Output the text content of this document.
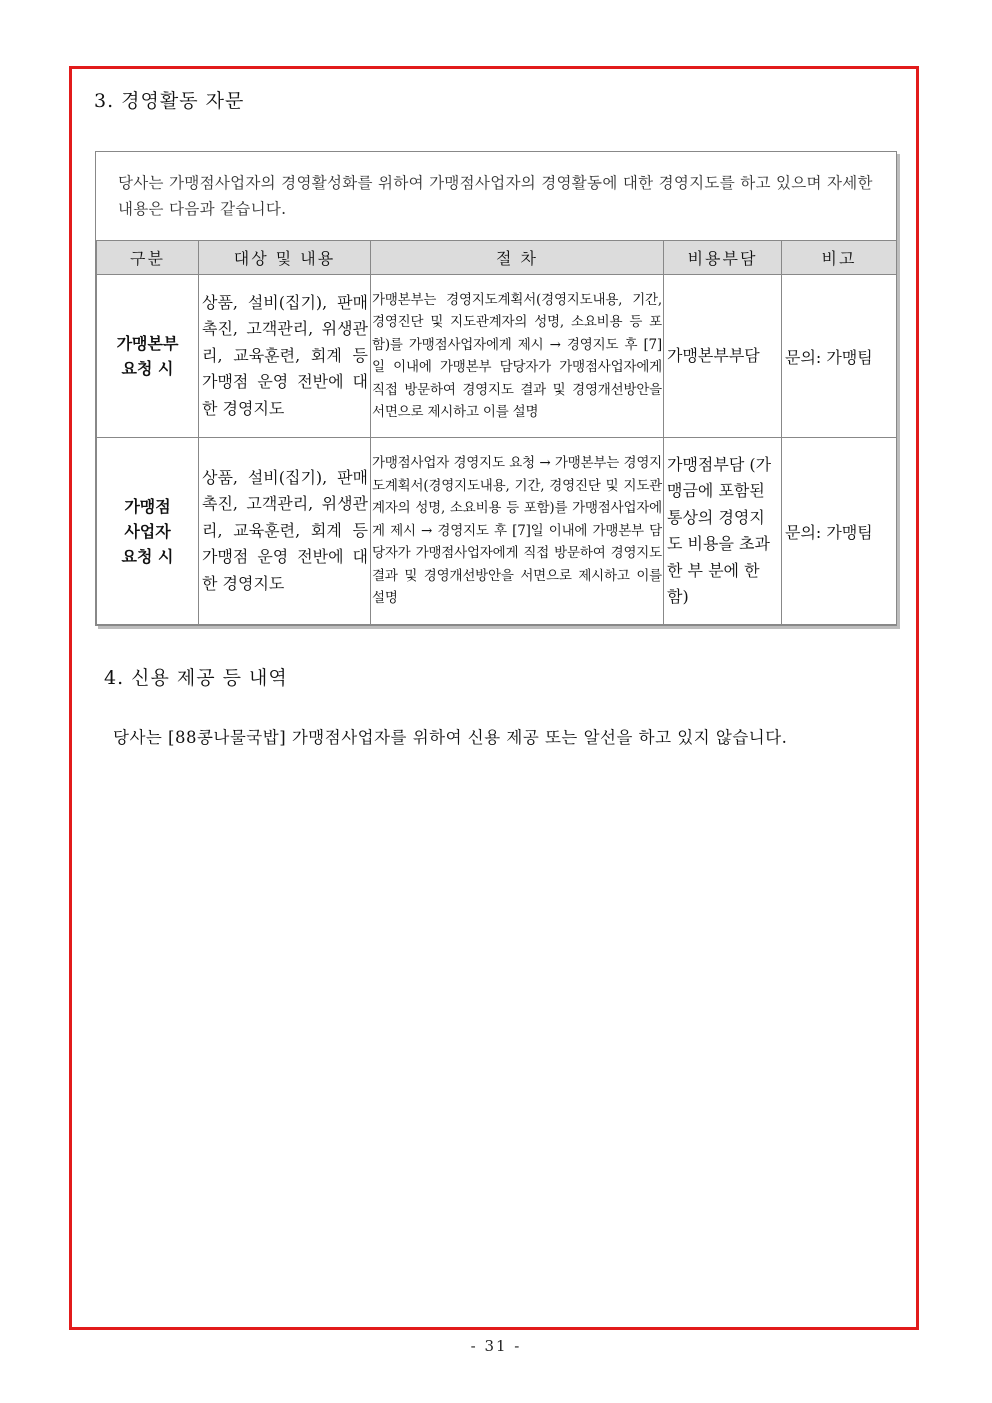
3. 경영활동 자문
당사는 가맹점사업자의 경영활성화를 위하여 가맹점사업자의 경영활동에 대한 경영지도를 하고 있으며 자세한 내용은 다음과 같습니다.
구분	대상 및 내용	절 차	비용부담	비고

가맹본부
요청 시	상품, 설비(집기), 판매촉진, 고객관리, 위생관리, 교육훈련, 회계 등 가맹점 운영 전반에 대한 경영지도	가맹본부는 경영지도계획서(경영지도내용, 기간, 경영진단 및 지도관계자의 성명, 소요비용 등 포함)를 가맹점사업자에게 제시 → 경영지도 후 [7]일 이내에 가맹본부 담당자가 가맹점사업자에게 직접 방문하여 경영지도 결과 및 경영개선방안을 서면으로 제시하고 이를 설명	가맹본부부담	문의: 가맹팀

가맹점
사업자
요청 시	상품, 설비(집기), 판매촉진, 고객관리, 위생관리, 교육훈련, 회계 등 가맹점 운영 전반에 대한 경영지도	가맹점사업자 경영지도 요청 → 가맹본부는 경영지도계획서(경영지도내용, 기간, 경영진단 및 지도관계자의 성명, 소요비용 등 포함)를 가맹점사업자에게 제시 → 경영지도 후 [7]일 이내에 가맹본부 담당자가 가맹점사업자에게 직접 방문하여 경영지도 결과 및 경영개선방안을 서면으로 제시하고 이를 설명	가맹점부담 (가맹금에 포함된 통상의 경영지도 비용을 초과한 부 분에 한함)	문의: 가맹팀
4. 신용 제공 등 내역
당사는 [88콩나물국밥] 가맹점사업자를 위하여 신용 제공 또는 알선을 하고 있지 않습니다.
- 31 -
